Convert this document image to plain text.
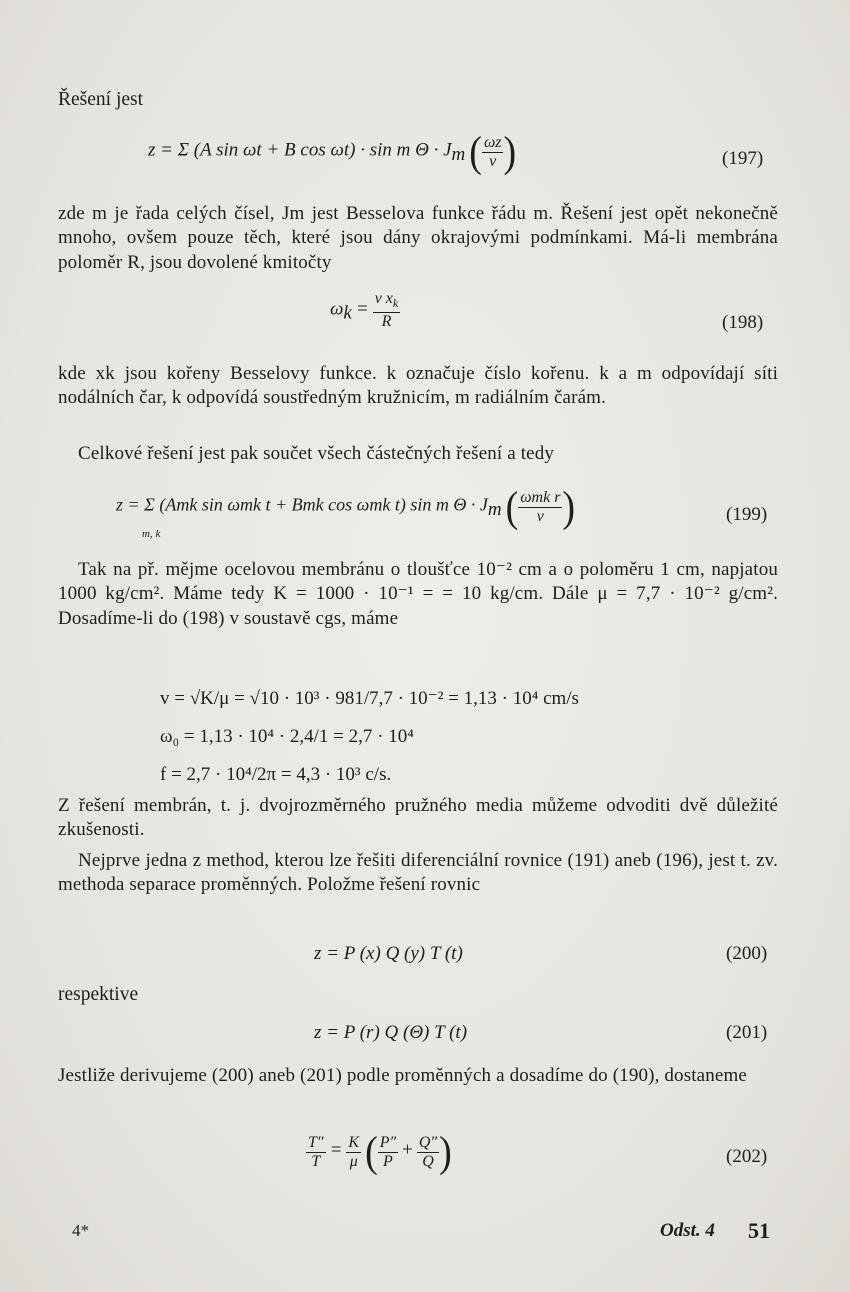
Řešení jest
z = Σ (A sin ωt + B cos ωt) · sin m $\Theta \cdot J_m$ ( $\frac{\omega z}{v}$ )	(197)

zde m je řada celých čísel, Jm jest Besselova funkce řádu m. Řešení jest opět nekonečně mnoho, ovšem pouze těch, které jsou dány okrajovými podmínkami. Má-li membrána poloměr R, jsou dovolené kmitočty

$\omega_k = \frac{v x_k}{R}$	(198)

kde xk jsou kořeny Besselovy funkce. k označuje číslo kořenu. k a m odpovídají síti nodálních čar, k odpovídá soustředným kružnicím, m radiálním čarám.

Celkové řešení jest pak součet všech částečných řešení a tedy

z = Σ (Amk sin ωmk t + Bmk cos ωmk t) sin m $\Theta \cdot J_m$ ( $\frac{\text{ωmk r}}{v}$ )
m, k
(199)

Tak na př. mějme ocelovou membránu o tloušťce 10⁻² cm a o poloměru 1 cm, napjatou 1000 kg/cm². Máme tedy K = 1000 · 10⁻¹ = = 10 kg/cm. Dále μ = 7,7 · 10⁻² g/cm². Dosadíme-li do (198) v soustavě cgs, máme

v = √K/μ = √10 · 10³ · 981/7,7 · 10⁻² = 1,13 · 10⁴ cm/s
ω₀ = 1,13 · 10⁴ · 2,4/1 = 2,7 · 10⁴
f = 2,7 · 10⁴/2π = 4,3 · 10³ c/s.

Z řešení membrán, t. j. dvojrozměrného pružného media můžeme odvoditi dvě důležité zkušenosti.

Nejprve jedna z method, kterou lze řešiti diferenciální rovnice (191) aneb (196), jest t. zv. methoda separace proměnných. Položme řešení rovnic

z = P (x) Q (y) T (t)	(200)
respektive
z = P (r) Q (Θ) T (t)	(201)

Jestliže derivujeme (200) aneb (201) podle proměnných a dosadíme do (190), dostaneme

$\frac{T''}{T} = \frac{K}{\mu}$ ( $\frac{P''}{P} + \frac{Q''}{Q}$ )	(202)
4*	Odst. 4 51
